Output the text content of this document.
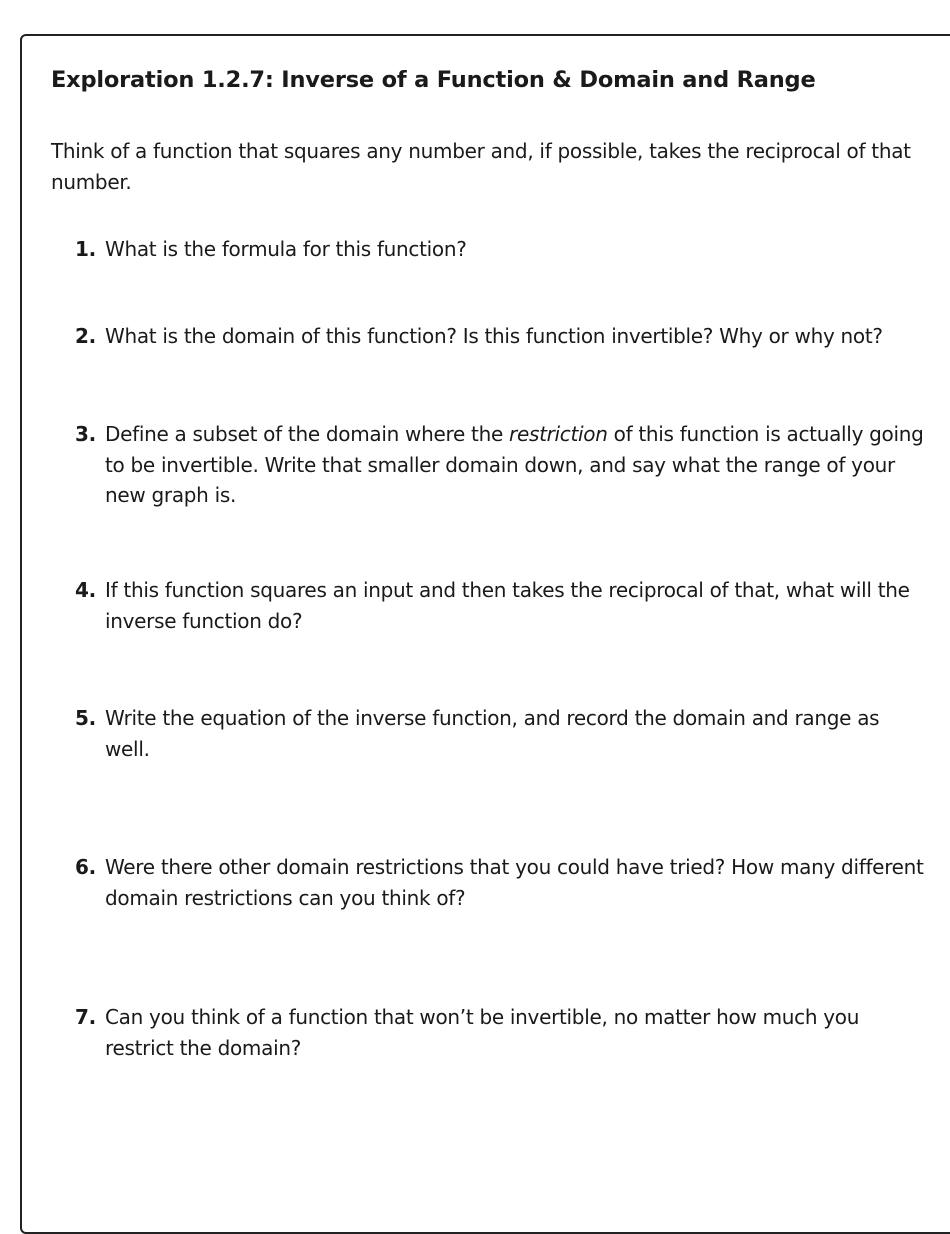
Exploration 1.2.7: Inverse of a Function & Domain and Range

Think of a function that squares any number and, if possible, takes the reciprocal of that number.

1. What is the formula for this function?
2. What is the domain of this function? Is this function invertible? Why or why not?
3. Define a subset of the domain where the restriction of this function is actually going to be invertible. Write that smaller domain down, and say what the range of your new graph is.
4. If this function squares an input and then takes the reciprocal of that, what will the inverse function do?
5. Write the equation of the inverse function, and record the domain and range as well.
6. Were there other domain restrictions that you could have tried? How many different domain restrictions can you think of?
7. Can you think of a function that won’t be invertible, no matter how much you restrict the domain?
